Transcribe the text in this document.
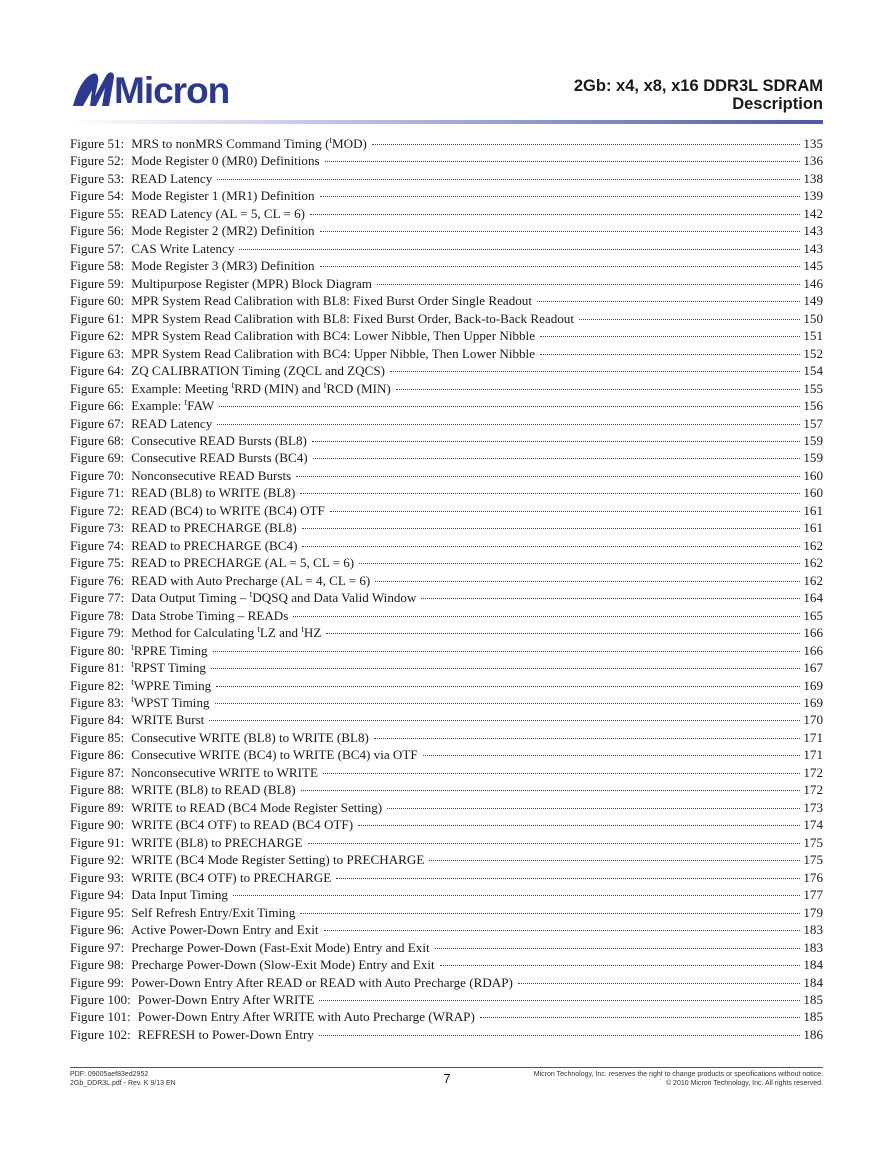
Micron	2Gb: x4, x8, x16 DDR3L SDRAM
Description
Figure 51: MRS to nonMRS Command Timing ($^t$MOD)	135
Figure 52: Mode Register 0 (MR0) Definitions	136
Figure 53: READ Latency	138
Figure 54: Mode Register 1 (MR1) Definition	139
Figure 55: READ Latency (AL = 5, CL = 6)	142
Figure 56: Mode Register 2 (MR2) Definition	143
Figure 57: CAS Write Latency	143
Figure 58: Mode Register 3 (MR3) Definition	145
Figure 59: Multipurpose Register (MPR) Block Diagram	146
Figure 60: MPR System Read Calibration with BL8: Fixed Burst Order Single Readout	149
Figure 61: MPR System Read Calibration with BL8: Fixed Burst Order, Back-to-Back Readout	150
Figure 62: MPR System Read Calibration with BC4: Lower Nibble, Then Upper Nibble	151
Figure 63: MPR System Read Calibration with BC4: Upper Nibble, Then Lower Nibble	152
Figure 64: ZQ CALIBRATION Timing (ZQCL and ZQCS)	154
Figure 65: Example: Meeting $^t$RRD (MIN) and $^t$RCD (MIN)	155
Figure 66: Example: $^t$FAW	156
Figure 67: READ Latency	157
Figure 68: Consecutive READ Bursts (BL8)	159
Figure 69: Consecutive READ Bursts (BC4)	159
Figure 70: Nonconsecutive READ Bursts	160
Figure 71: READ (BL8) to WRITE (BL8)	160
Figure 72: READ (BC4) to WRITE (BC4) OTF	161
Figure 73: READ to PRECHARGE (BL8)	161
Figure 74: READ to PRECHARGE (BC4)	162
Figure 75: READ to PRECHARGE (AL = 5, CL = 6)	162
Figure 76: READ with Auto Precharge (AL = 4, CL = 6)	162
Figure 77: Data Output Timing – $^t$DQSQ and Data Valid Window	164
Figure 78: Data Strobe Timing – READs	165
Figure 79: Method for Calculating $^t$LZ and $^t$HZ	166
Figure 80: $^t$RPRE Timing	166
Figure 81: $^t$RPST Timing	167
Figure 82: $^t$WPRE Timing	169
Figure 83: $^t$WPST Timing	169
Figure 84: WRITE Burst	170
Figure 85: Consecutive WRITE (BL8) to WRITE (BL8)	171
Figure 86: Consecutive WRITE (BC4) to WRITE (BC4) via OTF	171
Figure 87: Nonconsecutive WRITE to WRITE	172
Figure 88: WRITE (BL8) to READ (BL8)	172
Figure 89: WRITE to READ (BC4 Mode Register Setting)	173
Figure 90: WRITE (BC4 OTF) to READ (BC4 OTF)	174
Figure 91: WRITE (BL8) to PRECHARGE	175
Figure 92: WRITE (BC4 Mode Register Setting) to PRECHARGE	175
Figure 93: WRITE (BC4 OTF) to PRECHARGE	176
Figure 94: Data Input Timing	177
Figure 95: Self Refresh Entry/Exit Timing	179
Figure 96: Active Power-Down Entry and Exit	183
Figure 97: Precharge Power-Down (Fast-Exit Mode) Entry and Exit	183
Figure 98: Precharge Power-Down (Slow-Exit Mode) Entry and Exit	184
Figure 99: Power-Down Entry After READ or READ with Auto Precharge (RDAP)	184
Figure 100: Power-Down Entry After WRITE	185
Figure 101: Power-Down Entry After WRITE with Auto Precharge (WRAP)	185
Figure 102: REFRESH to Power-Down Entry	186
PDF: 09005aef83ed2952
2Gb_DDR3L.pdf - Rev. K 9/13 EN	7	Micron Technology, Inc. reserves the right to change products or specifications without notice.
© 2010 Micron Technology, Inc. All rights reserved.
